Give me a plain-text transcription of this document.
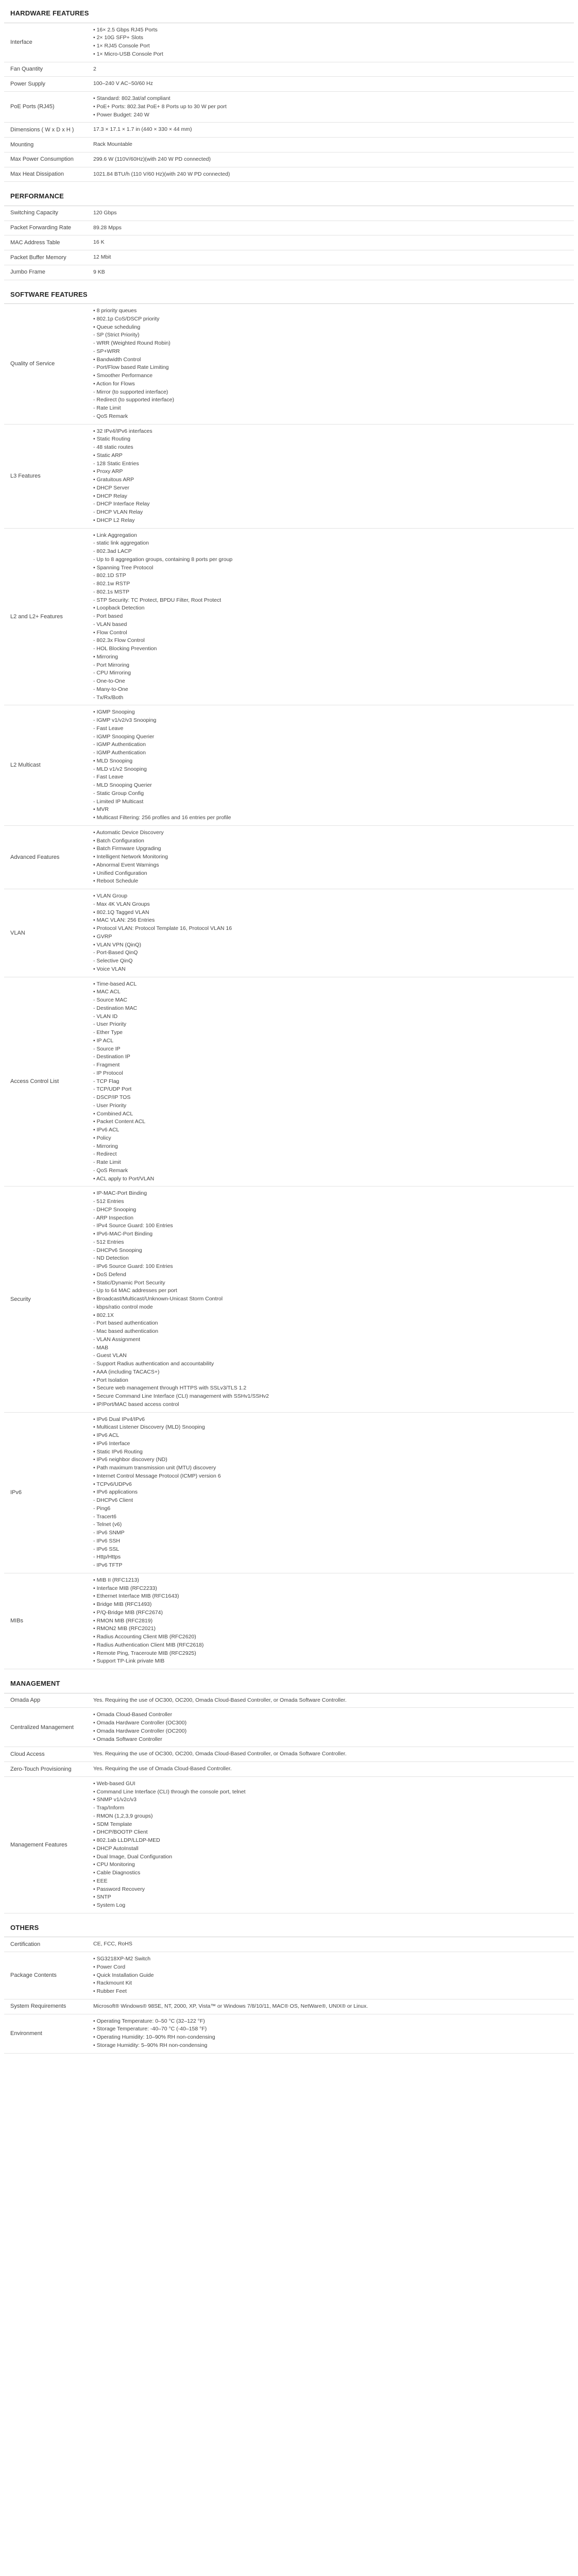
HARDWARE FEATURES
Interface
• 16× 2.5 Gbps RJ45 Ports
• 2× 10G SFP+ Slots
• 1× RJ45 Console Port
• 1× Micro-USB Console Port
Fan Quantity	2
Power Supply	100–240 V AC~50/60 Hz
PoE Ports (RJ45)
• Standard: 802.3at/af compliant
• PoE+ Ports: 802.3at PoE+ 8 Ports up to 30 W per port
• Power Budget: 240 W
Dimensions ( W x D x H )	17.3 × 17.1 × 1.7 in (440 × 330 × 44 mm)
Mounting	Rack Mountable
Max Power Consumption	299.6 W (110V/60Hz)(with 240 W PD connected)
Max Heat Dissipation	1021.84 BTU/h (110 V/60 Hz)(with 240 W PD connected)
PERFORMANCE
Switching Capacity	120 Gbps
Packet Forwarding Rate	89.28 Mpps
MAC Address Table	16 K
Packet Buffer Memory	12 Mbit
Jumbo Frame	9 KB
SOFTWARE FEATURES
Quality of Service
• 8 priority queues
• 802.1p CoS/DSCP priority
• Queue scheduling
- SP (Strict Priority)
- WRR (Weighted Round Robin)
- SP+WRR
• Bandwidth Control
- Port/Flow based Rate Limiting
• Smoother Performance
• Action for Flows
- Mirror (to supported interface)
- Redirect (to supported interface)
- Rate Limit
- QoS Remark
L3 Features
• 32 IPv4/IPv6 interfaces
• Static Routing
- 48 static routes
• Static ARP
- 128 Static Entries
• Proxy ARP
• Gratuitous ARP
• DHCP Server
• DHCP Relay
- DHCP Interface Relay
- DHCP VLAN Relay
• DHCP L2 Relay
L2 and L2+ Features
• Link Aggregation
- static link aggregation
- 802.3ad LACP
- Up to 8 aggregation groups, containing 8 ports per group
• Spanning Tree Protocol
- 802.1D STP
- 802.1w RSTP
- 802.1s MSTP
- STP Security: TC Protect, BPDU Filter, Root Protect
• Loopback Detection
- Port based
- VLAN based
• Flow Control
- 802.3x Flow Control
- HOL Blocking Prevention
• Mirroring
- Port Mirroring
- CPU Mirroring
- One-to-One
- Many-to-One
- Tx/Rx/Both
L2 Multicast
• IGMP Snooping
- IGMP v1/v2/v3 Snooping
- Fast Leave
- IGMP Snooping Querier
- IGMP Authentication
- IGMP Authentication
• MLD Snooping
- MLD v1/v2 Snooping
- Fast Leave
- MLD Snooping Querier
- Static Group Config
- Limited IP Multicast
• MVR
• Multicast Filtering: 256 profiles and 16 entries per profile
Advanced Features
• Automatic Device Discovery
• Batch Configuration
• Batch Firmware Upgrading
• Intelligent Network Monitoring
• Abnormal Event Warnings
• Unified Configuration
• Reboot Schedule
VLAN
• VLAN Group
- Max 4K VLAN Groups
• 802.1Q Tagged VLAN
• MAC VLAN: 256 Entries
• Protocol VLAN: Protocol Template 16, Protocol VLAN 16
• GVRP
• VLAN VPN (QinQ)
- Port-Based QinQ
- Selective QinQ
• Voice VLAN
Access Control List
• Time-based ACL
• MAC ACL
- Source MAC
- Destination MAC
- VLAN ID
- User Priority
- Ether Type
• IP ACL
- Source IP
- Destination IP
- Fragment
- IP Protocol
- TCP Flag
- TCP/UDP Port
- DSCP/IP TOS
- User Priority
• Combined ACL
• Packet Content ACL
• IPv6 ACL
• Policy
- Mirroring
- Redirect
- Rate Limit
- QoS Remark
• ACL apply to Port/VLAN
Security
• IP-MAC-Port Binding
- 512 Entries
- DHCP Snooping
- ARP Inspection
- IPv4 Source Guard: 100 Entries
• IPv6-MAC-Port Binding
- 512 Entries
- DHCPv6 Snooping
- ND Detection
- IPv6 Source Guard: 100 Entries
• DoS Defend
• Static/Dynamic Port Security
- Up to 64 MAC addresses per port
• Broadcast/Multicast/Unknown-Unicast Storm Control
- kbps/ratio control mode
• 802.1X
- Port based authentication
- Mac based authentication
- VLAN Assignment
- MAB
- Guest VLAN
- Support Radius authentication and accountability
• AAA (including TACACS+)
• Port Isolation
• Secure web management through HTTPS with SSLv3/TLS 1.2
• Secure Command Line Interface (CLI) management with SSHv1/SSHv2
• IP/Port/MAC based access control
IPv6
• IPv6 Dual IPv4/IPv6
• Multicast Listener Discovery (MLD) Snooping
• IPv6 ACL
• IPv6 Interface
• Static IPv6 Routing
• IPv6 neighbor discovery (ND)
• Path maximum transmission unit (MTU) discovery
• Internet Control Message Protocol (ICMP) version 6
• TCPv6/UDPv6
• IPv6 applications
- DHCPv6 Client
- Ping6
- Tracert6
- Telnet (v6)
- IPv6 SNMP
- IPv6 SSH
- IPv6 SSL
- Http/Https
- IPv6 TFTP
MIBs
• MIB II (RFC1213)
• Interface MIB (RFC2233)
• Ethernet Interface MIB (RFC1643)
• Bridge MIB (RFC1493)
• P/Q-Bridge MIB (RFC2674)
• RMON MIB (RFC2819)
• RMON2 MIB (RFC2021)
• Radius Accounting Client MIB (RFC2620)
• Radius Authentication Client MIB (RFC2618)
• Remote Ping, Traceroute MIB (RFC2925)
• Support TP-Link private MIB
MANAGEMENT
Omada App	Yes. Requiring the use of OC300, OC200, Omada Cloud-Based Controller, or Omada Software Controller.
Centralized Management
• Omada Cloud-Based Controller
• Omada Hardware Controller (OC300)
• Omada Hardware Controller (OC200)
• Omada Software Controller
Cloud Access	Yes. Requiring the use of OC300, OC200, Omada Cloud-Based Controller, or Omada Software Controller.
Zero-Touch Provisioning	Yes. Requiring the use of Omada Cloud-Based Controller.
Management Features
• Web-based GUI
• Command Line Interface (CLI) through the console port, telnet
• SNMP v1/v2c/v3
- Trap/Inform
- RMON (1,2,3,9 groups)
• SDM Template
• DHCP/BOOTP Client
• 802.1ab LLDP/LLDP-MED
• DHCP AutoInstall
• Dual Image, Dual Configuration
• CPU Monitoring
• Cable Diagnostics
• EEE
• Password Recovery
• SNTP
• System Log
OTHERS
Certification	CE, FCC, RoHS
Package Contents
• SG3218XP-M2 Switch
• Power Cord
• Quick Installation Guide
• Rackmount Kit
• Rubber Feet
System Requirements	Microsoft® Windows® 98SE, NT, 2000, XP, Vista™ or Windows 7/8/10/11, MAC® OS, NetWare®, UNIX® or Linux.
Environment
• Operating Temperature: 0–50 °C (32–122 °F)
• Storage Temperature: -40–70 °C (-40–158 °F)
• Operating Humidity: 10–90% RH non-condensing
• Storage Humidity: 5–90% RH non-condensing
